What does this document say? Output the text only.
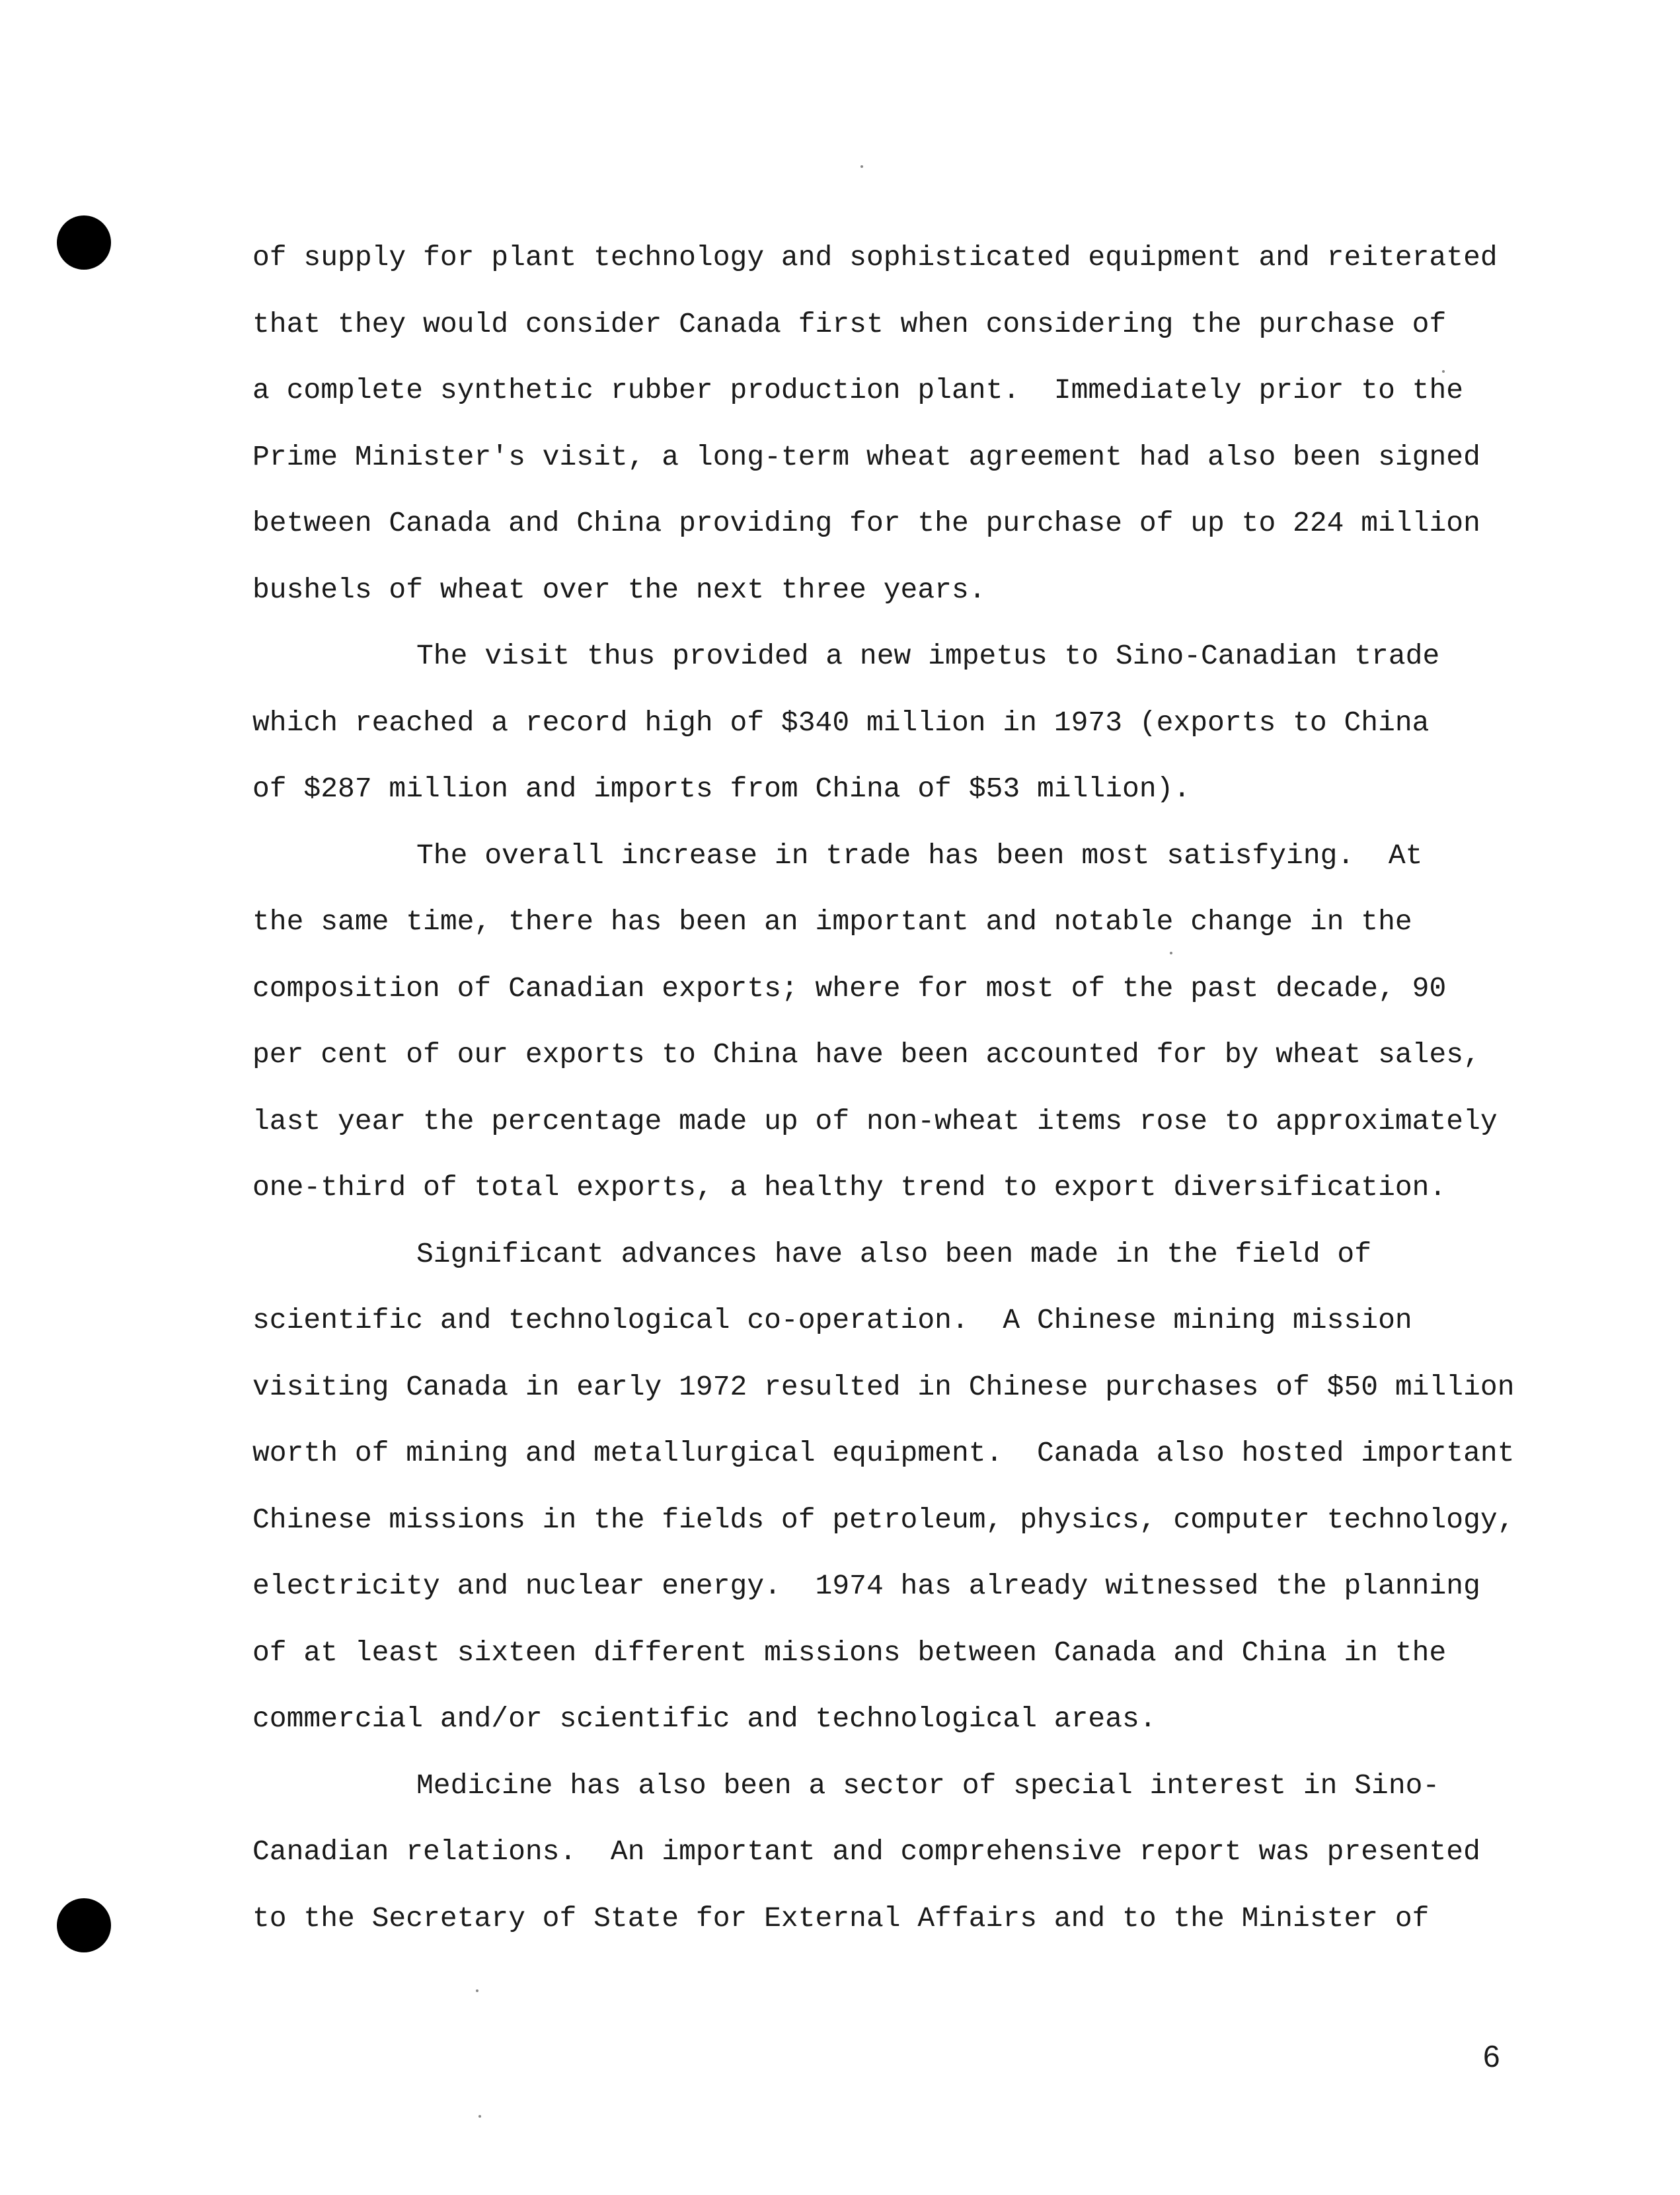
of supply for plant technology and sophisticated equipment and reiterated
that they would consider Canada first when considering the purchase of
a complete synthetic rubber production plant.  Immediately prior to the
Prime Minister's visit, a long-term wheat agreement had also been signed
between Canada and China providing for the purchase of up to 224 million
bushels of wheat over the next three years.
The visit thus provided a new impetus to Sino-Canadian trade
which reached a record high of $340 million in 1973 (exports to China
of $287 million and imports from China of $53 million).
The overall increase in trade has been most satisfying.  At
the same time, there has been an important and notable change in the
composition of Canadian exports; where for most of the past decade, 90
per cent of our exports to China have been accounted for by wheat sales,
last year the percentage made up of non-wheat items rose to approximately
one-third of total exports, a healthy trend to export diversification.
Significant advances have also been made in the field of
scientific and technological co-operation.  A Chinese mining mission
visiting Canada in early 1972 resulted in Chinese purchases of $50 million
worth of mining and metallurgical equipment.  Canada also hosted important
Chinese missions in the fields of petroleum, physics, computer technology,
electricity and nuclear energy.  1974 has already witnessed the planning
of at least sixteen different missions between Canada and China in the
commercial and/or scientific and technological areas.
Medicine has also been a sector of special interest in Sino-
Canadian relations.  An important and comprehensive report was presented
to the Secretary of State for External Affairs and to the Minister of
6
